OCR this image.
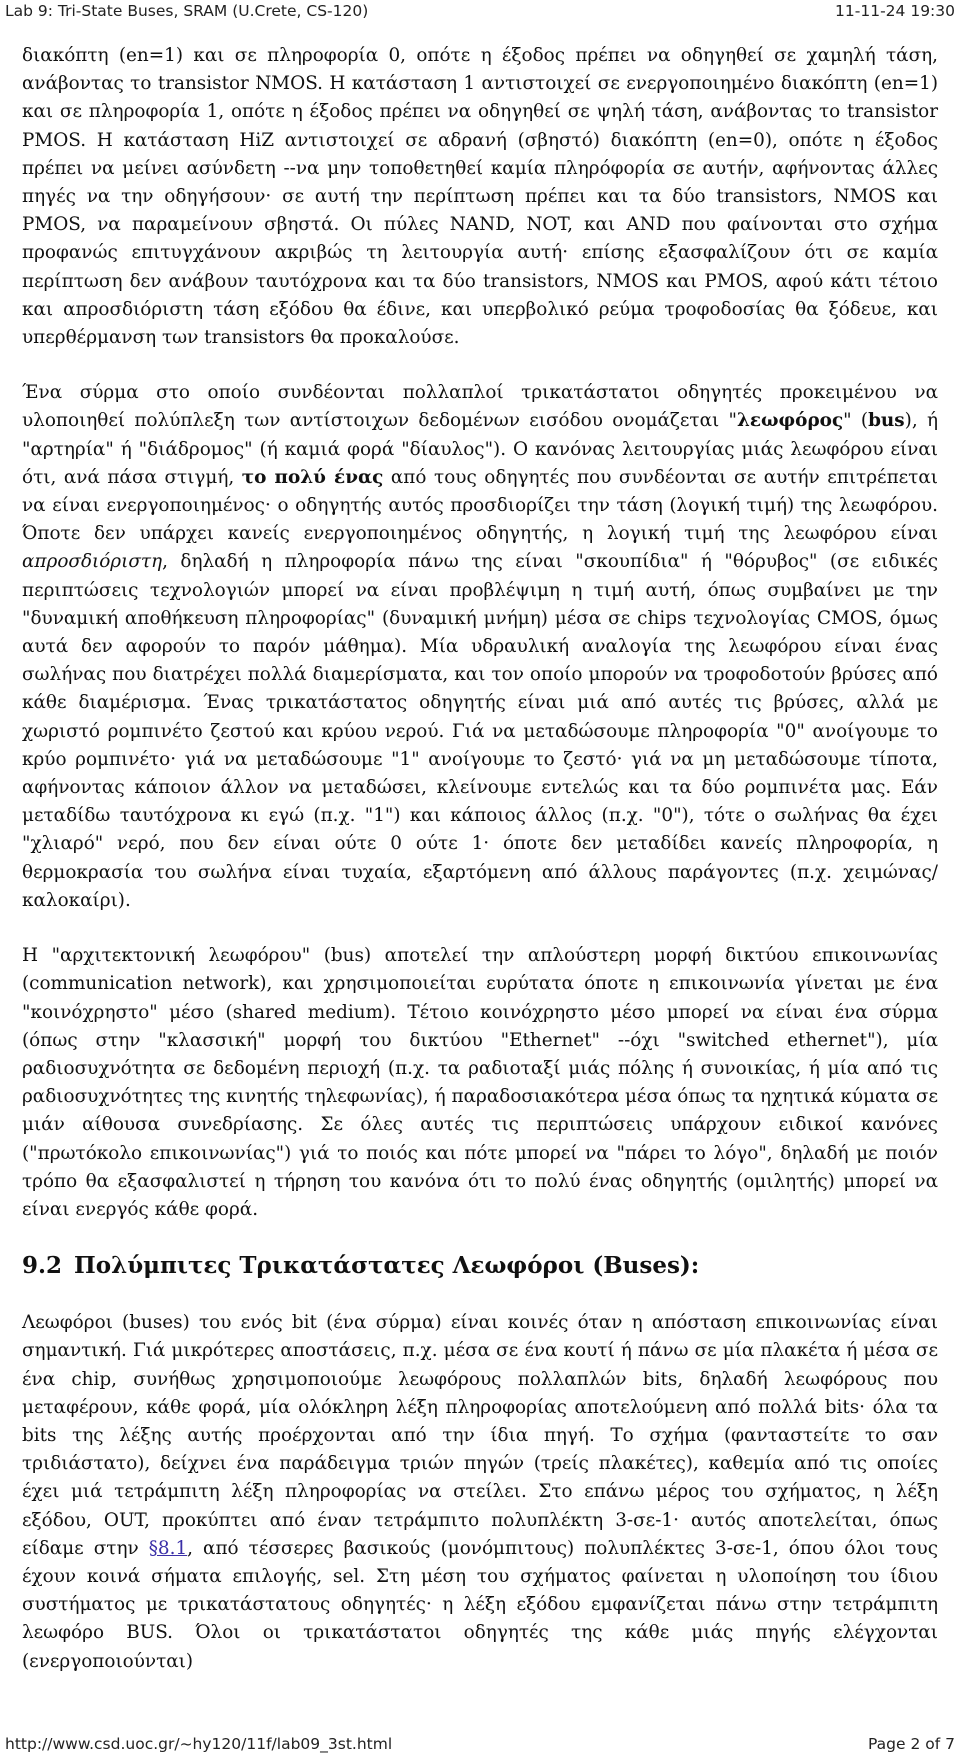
Lab 9: Tri-State Buses, SRAM (U.Crete, CS-120)	11-11-24 19:30

διακόπτη (en=1) και σε πληροφορία 0, οπότε η έξοδος πρέπει να οδηγηθεί σε χαμηλή τάση, ανάβοντας το transistor NMOS. Η κατάσταση 1 αντιστοιχεί σε ενεργοποιημένο διακόπτη (en=1) και σε πληροφορία 1, οπότε η έξοδος πρέπει να οδηγηθεί σε ψηλή τάση, ανάβοντας το transistor PMOS. Η κατάσταση HiZ αντιστοιχεί σε αδρανή (σβηστό) διακόπτη (en=0), οπότε η έξοδος πρέπει να μείνει ασύνδετη --να μην τοποθετηθεί καμία πληρόφορία σε αυτήν, αφήνοντας άλλες πηγές να την οδηγήσουν· σε αυτή την περίπτωση πρέπει και τα δύο transistors, NMOS και PMOS, να παραμείνουν σβηστά. Οι πύλες NAND, NOT, και AND που φαίνονται στο σχήμα προφανώς επιτυγχάνουν ακριβώς τη λειτουργία αυτή· επίσης εξασφαλίζουν ότι σε καμία περίπτωση δεν ανάβουν ταυτόχρονα και τα δύο transistors, NMOS και PMOS, αφού κάτι τέτοιο και απροσδιόριστη τάση εξόδου θα έδινε, και υπερβολικό ρεύμα τροφοδοσίας θα ξόδευε, και υπερθέρμανση των transistors θα προκαλούσε.

Ένα σύρμα στο οποίο συνδέονται πολλαπλοί τρικατάστατοι οδηγητές προκειμένου να υλοποιηθεί πολύπλεξη των αντίστοιχων δεδομένων εισόδου ονομάζεται "λεωφόρος" (bus), ή "αρτηρία" ή "διάδρομος" (ή καμιά φορά "δίαυλος"). Ο κανόνας λειτουργίας μιάς λεωφόρου είναι ότι, ανά πάσα στιγμή, το πολύ ένας από τους οδηγητές που συνδέονται σε αυτήν επιτρέπεται να είναι ενεργοποιημένος· ο οδηγητής αυτός προσδιορίζει την τάση (λογική τιμή) της λεωφόρου. Όποτε δεν υπάρχει κανείς ενεργοποιημένος οδηγητής, η λογική τιμή της λεωφόρου είναι απροσδιόριστη, δηλαδή η πληροφορία πάνω της είναι "σκουπίδια" ή "θόρυβος" (σε ειδικές περιπτώσεις τεχνολογιών μπορεί να είναι προβλέψιμη η τιμή αυτή, όπως συμβαίνει με την "δυναμική αποθήκευση πληροφορίας" (δυναμική μνήμη) μέσα σε chips τεχνολογίας CMOS, όμως αυτά δεν αφορούν το παρόν μάθημα). Μία υδραυλική αναλογία της λεωφόρου είναι ένας σωλήνας που διατρέχει πολλά διαμερίσματα, και τον οποίο μπορούν να τροφοδοτούν βρύσες από κάθε διαμέρισμα. Ένας τρικατάστατος οδηγητής είναι μιά από αυτές τις βρύσες, αλλά με χωριστό ρομπινέτο ζεστού και κρύου νερού. Γιά να μεταδώσουμε πληροφορία "0" ανοίγουμε το κρύο ρομπινέτο· γιά να μεταδώσουμε "1" ανοίγουμε το ζεστό· γιά να μη μεταδώσουμε τίποτα, αφήνοντας κάποιον άλλον να μεταδώσει, κλείνουμε εντελώς και τα δύο ρομπινέτα μας. Εάν μεταδίδω ταυτόχρονα κι εγώ (π.χ. "1") και κάποιος άλλος (π.χ. "0"), τότε ο σωλήνας θα έχει "χλιαρό" νερό, που δεν είναι ούτε 0 ούτε 1· όποτε δεν μεταδίδει κανείς πληροφορία, η θερμοκρασία του σωλήνα είναι τυχαία, εξαρτόμενη από άλλους παράγοντες (π.χ. χειμώνας/καλοκαίρι).

Η "αρχιτεκτονική λεωφόρου" (bus) αποτελεί την απλούστερη μορφή δικτύου επικοινωνίας (communication network), και χρησιμοποιείται ευρύτατα όποτε η επικοινωνία γίνεται με ένα "κοινόχρηστο" μέσο (shared medium). Τέτοιο κοινόχρηστο μέσο μπορεί να είναι ένα σύρμα (όπως στην "κλασσική" μορφή του δικτύου "Ethernet" --όχι "switched ethernet"), μία ραδιοσυχνότητα σε δεδομένη περιοχή (π.χ. τα ραδιοταξί μιάς πόλης ή συνοικίας, ή μία από τις ραδιοσυχνότητες της κινητής τηλεφωνίας), ή παραδοσιακότερα μέσα όπως τα ηχητικά κύματα σε μιάν αίθουσα συνεδρίασης. Σε όλες αυτές τις περιπτώσεις υπάρχουν ειδικοί κανόνες ("πρωτόκολο επικοινωνίας") γιά το ποιός και πότε μπορεί να "πάρει το λόγο", δηλαδή με ποιόν τρόπο θα εξασφαλιστεί η τήρηση του κανόνα ότι το πολύ ένας οδηγητής (ομιλητής) μπορεί να είναι ενεργός κάθε φορά.

9.2 Πολύμπιτες Τρικατάστατες Λεωφόροι (Buses):

Λεωφόροι (buses) του ενός bit (ένα σύρμα) είναι κοινές όταν η απόσταση επικοινωνίας είναι σημαντική. Γιά μικρότερες αποστάσεις, π.χ. μέσα σε ένα κουτί ή πάνω σε μία πλακέτα ή μέσα σε ένα chip, συνήθως χρησιμοποιούμε λεωφόρους πολλαπλών bits, δηλαδή λεωφόρους που μεταφέρουν, κάθε φορά, μία ολόκληρη λέξη πληροφορίας αποτελούμενη από πολλά bits· όλα τα bits της λέξης αυτής προέρχονται από την ίδια πηγή. Το σχήμα (φανταστείτε το σαν τριδιάστατο), δείχνει ένα παράδειγμα τριών πηγών (τρείς πλακέτες), καθεμία από τις οποίες έχει μιά τετράμπιτη λέξη πληροφορίας να στείλει. Στο επάνω μέρος του σχήματος, η λέξη εξόδου, OUT, προκύπτει από έναν τετράμπιτο πολυπλέκτη 3-σε-1· αυτός αποτελείται, όπως είδαμε στην §8.1, από τέσσερες βασικούς (μονόμπιτους) πολυπλέκτες 3-σε-1, όπου όλοι τους έχουν κοινά σήματα επιλογής, sel. Στη μέση του σχήματος φαίνεται η υλοποίηση του ίδιου συστήματος με τρικατάστατους οδηγητές· η λέξη εξόδου εμφανίζεται πάνω στην τετράμπιτη λεωφόρο BUS. Όλοι οι τρικατάστατοι οδηγητές της κάθε μιάς πηγής ελέγχονται (ενεργοποιούνται)

http://www.csd.uoc.gr/~hy120/11f/lab09_3st.html	Page 2 of 7
